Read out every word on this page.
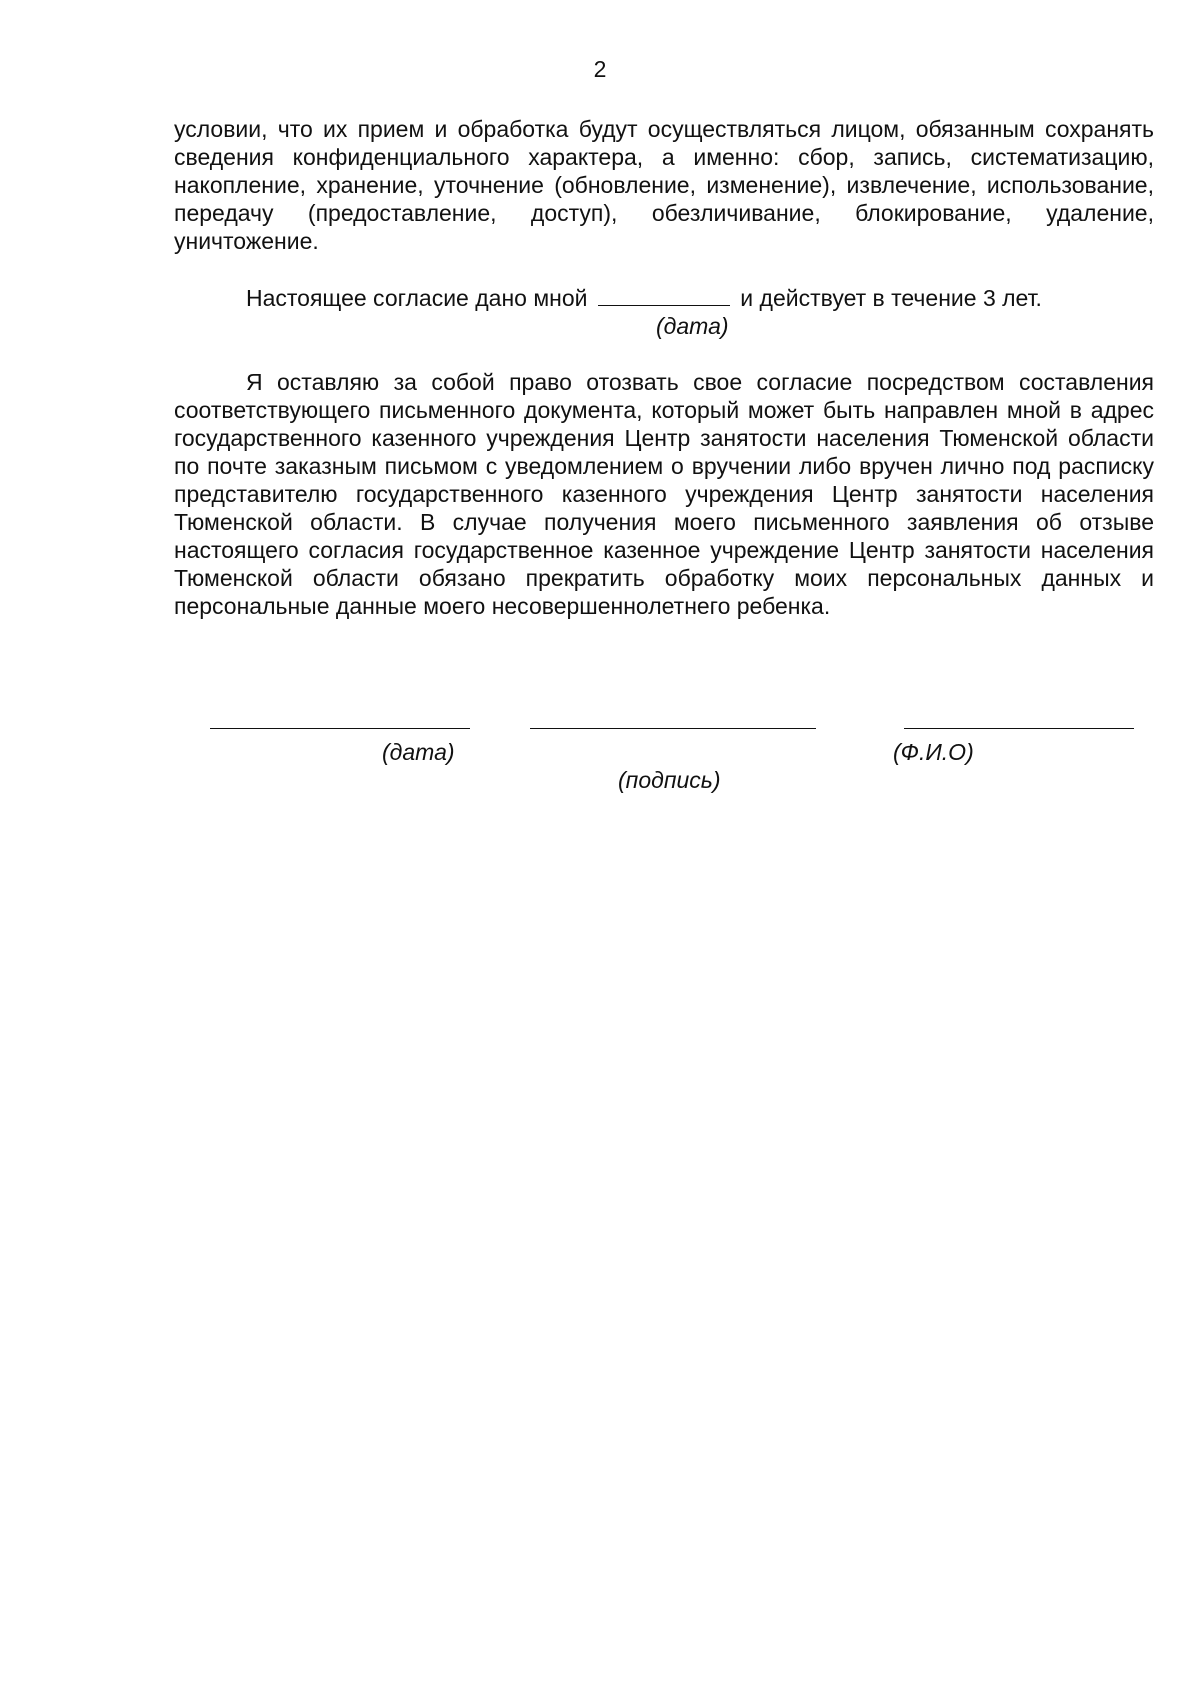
2

условии, что их прием и обработка будут осуществляться лицом, обязанным сохранять сведения конфиденциального характера, а именно: сбор, запись, систематизацию, накопление, хранение, уточнение (обновление, изменение), извлечение, использование, передачу (предоставление, доступ), обезличивание, блокирование, удаление, уничтожение.

Настоящее согласие дано мной	и действует в течение 3 лет.
(дата)

Я оставляю за собой право отозвать свое согласие посредством составления соответствующего письменного документа, который может быть направлен мной в адрес государственного казенного учреждения Центр занятости населения Тюменской области по почте заказным письмом с уведомлением о вручении либо вручен лично под расписку представителю государственного казенного учреждения Центр занятости населения Тюменской области. В случае получения моего письменного заявления об отзыве настоящего согласия государственное казенное учреждение Центр занятости населения Тюменской области обязано прекратить обработку моих персональных данных и персональные данные моего несовершеннолетнего ребенка.

(дата)	(Ф.И.О)
(подпись)
